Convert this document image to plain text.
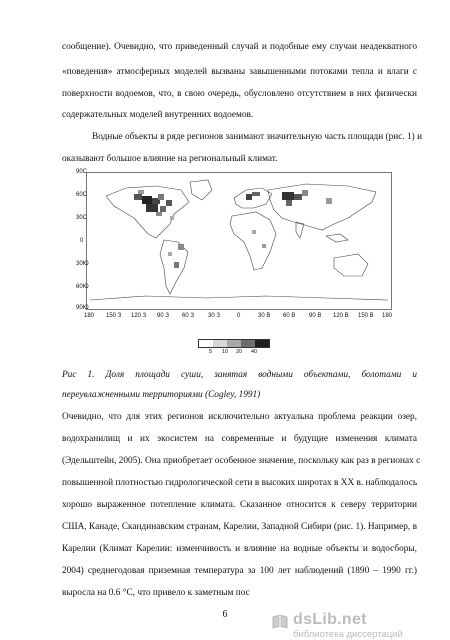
сообщение). Очевидно, что приведенный случай и подобные ему случаи неадекватного
«поведения» атмосферных моделей вызваны завышенными потоками тепла и влаги с
поверхности водоемов, что, в свою очередь, обусловлено отсутствием в них физически
содержательных моделей внутренних водоемов.
Водные объекты в ряде регионов занимают значительную часть площади (рис. 1) и
оказывают большое влияние на региональный климат.
90С
60С
30С
0
30Ю
60Ю
90Ю
180 150 З 120 З 90 З 60 З 30 З	0	30 В 60 В 90 В 120 В 150 В 180
5 10 20 40
Рис 1. Доля площади суши, занятая водными объектами, болотами и
переувлажненными территориями (Cogley, 1991)
Очевидно, что для этих регионов исключительно актуальна проблема реакции озер,
водохранилищ и их экосистем на современные и будущие изменения климата
(Эдельштейн, 2005). Она приобретает особенное значение, поскольку как раз в регионах с
повышенной плотностью гидрологической сети в высоких широтах в XX в. наблюдалось
хорошо выраженное потепление климата. Сказанное относится к северу территории
США, Канаде, Скандинавским странам, Карелии, Западной Сибири (рис. 1). Например, в
Карелии (Климат Карелии: изменчивость и влияние на водные объекты и водосборы,
2004) среднегодовая приземная температура за 100 лет наблюдений (1890 – 1990 гг.)
выросла на 0.6 °С, что привело к заметным пос
6	dsLib.net
библиотека диссертаций
